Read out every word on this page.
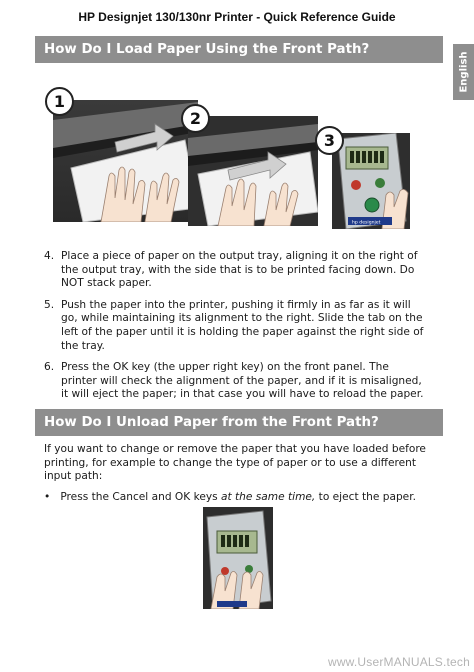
HP Designjet 130/130nr Printer - Quick Reference Guide
English
How Do I Load Paper Using the Front Path?
1
2
3
hp designjet
4. Place a piece of paper on the output tray, aligning it on the right of the output tray, with the side that is to be printed facing down. Do NOT stack paper.
5. Push the paper into the printer, pushing it firmly in as far as it will go, while maintaining its alignment to the right. Slide the tab on the left of the paper until it is holding the paper against the right side of the tray.
6. Press the OK key (the upper right key) on the front panel. The printer will check the alignment of the paper, and if it is misaligned, it will eject the paper; in that case you will have to reload the paper.
How Do I Unload Paper from the Front Path?
If you want to change or remove the paper that you have loaded before printing, for example to change the type of paper or to use a different input path:
• Press the Cancel and OK keys at the same time, to eject the paper.
www.UserMANUALS.tech
